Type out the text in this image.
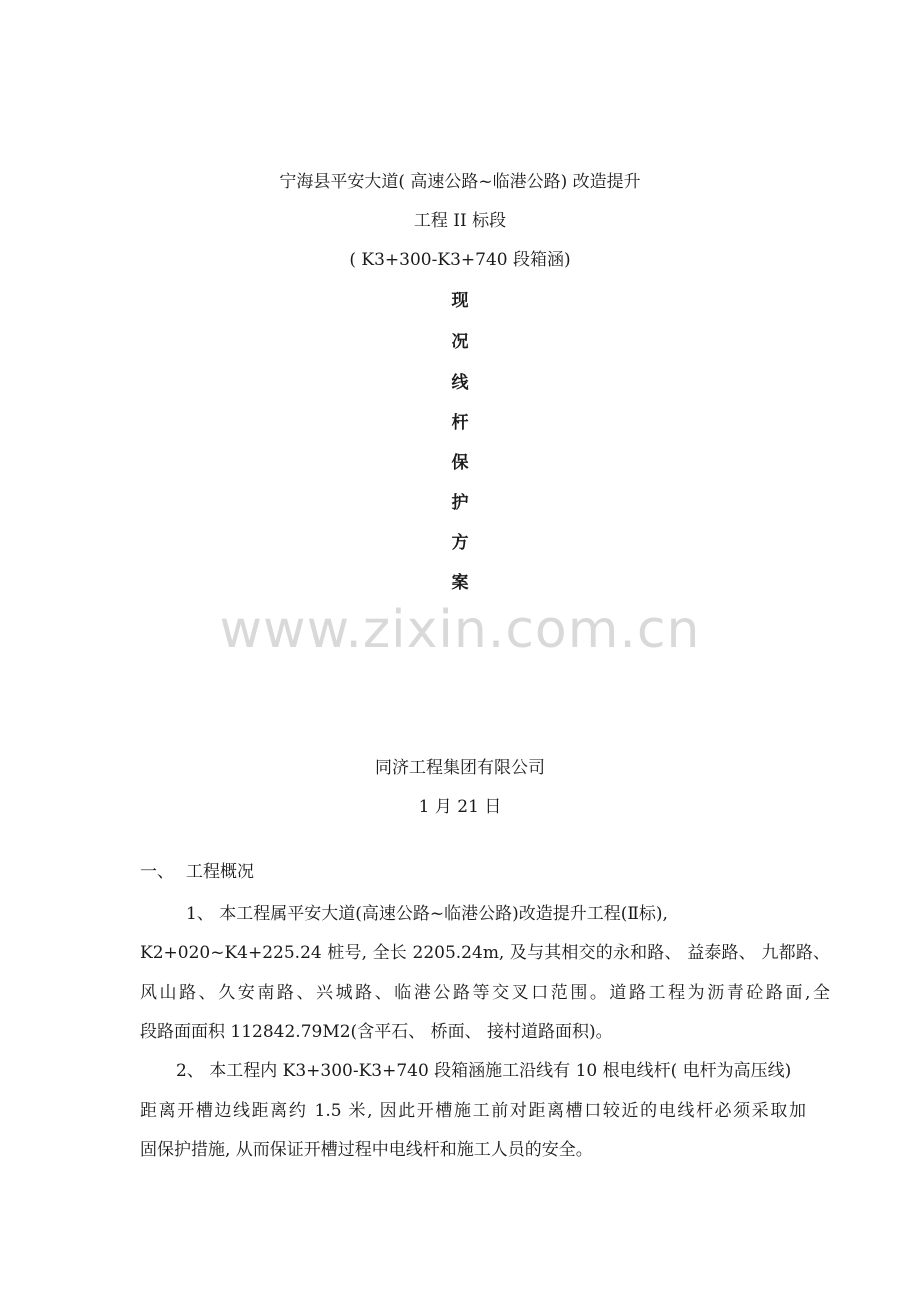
宁海县平安大道( 高速公路~临港公路) 改造提升
工程 II 标段
( K3+300-K3+740 段箱涵)
现
况
线
杆
保
护
方
案
www.zixin.com.cn
同济工程集团有限公司
1 月 21 日
一、 工程概况
1、 本工程属平安大道(高速公路~临港公路)改造提升工程(Ⅱ标),
K2+020~K4+225.24 桩号, 全长 2205.24m, 及与其相交的永和路、 益泰路、 九都路、
风山路、久安南路、兴城路、临港公路等交叉口范围。道路工程为沥青砼路面,全
段路面面积 112842.79M2(含平石、 桥面、 接村道路面积)。
2、 本工程内 K3+300-K3+740 段箱涵施工沿线有 10 根电线杆( 电杆为高压线)
距离开槽边线距离约 1.5 米, 因此开槽施工前对距离槽口较近的电线杆必须采取加
固保护措施, 从而保证开槽过程中电线杆和施工人员的安全。
